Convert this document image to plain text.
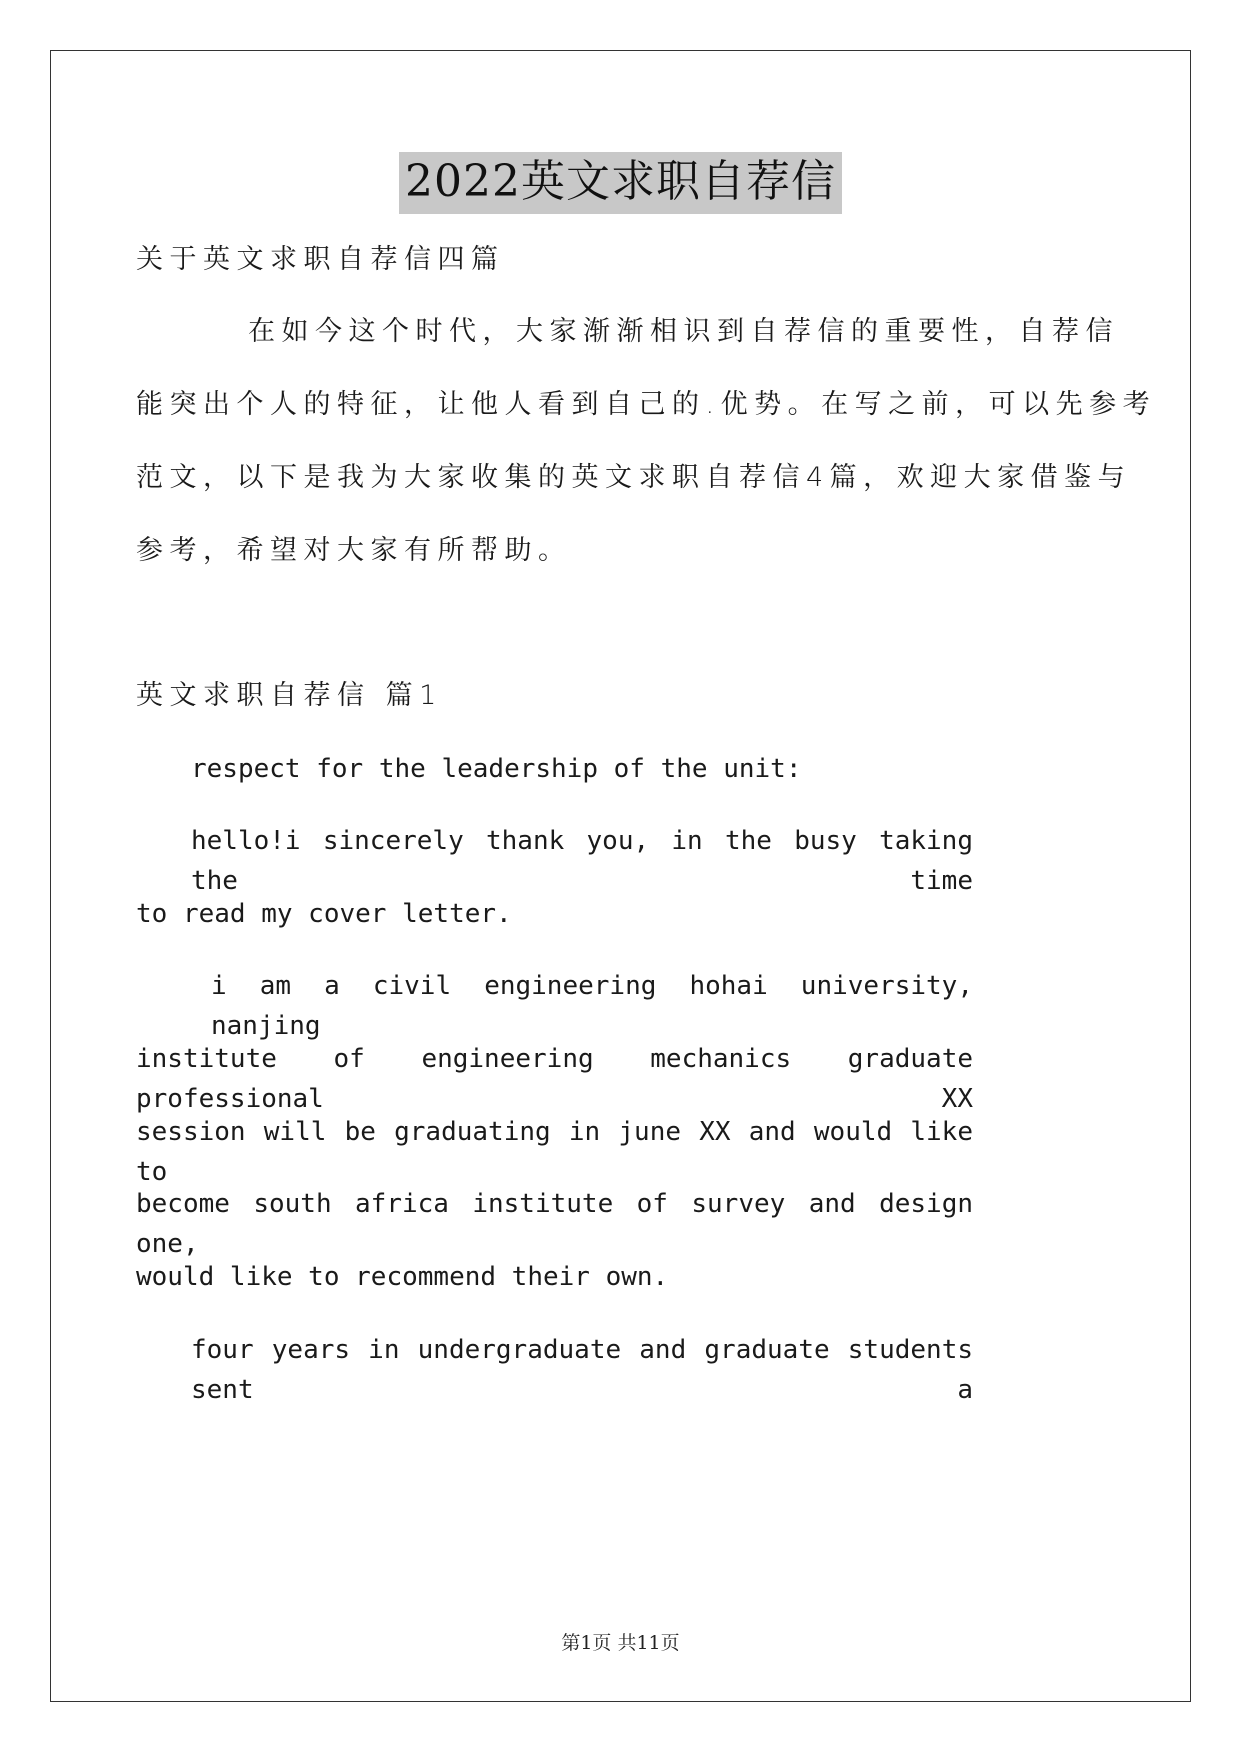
2022英文求职自荐信
关于英文求职自荐信四篇
在如今这个时代，大家渐渐相识到自荐信的重要性，自荐信
能突出个人的特征，让他人看到自己的.优势。在写之前，可以先参考
范文，以下是我为大家收集的英文求职自荐信4篇，欢迎大家借鉴与
参考，希望对大家有所帮助。
英文求职自荐信 篇1
respect for the leadership of the unit:
hello!i sincerely thank you, in the busy taking the time
to read my cover letter.
i am a civil engineering hohai university, nanjing
institute of engineering mechanics graduate professional XX
session will be graduating in june XX and would like to
become south africa institute of survey and design one,
would like to recommend their own.
four years in undergraduate and graduate students sent a
第1页 共11页
